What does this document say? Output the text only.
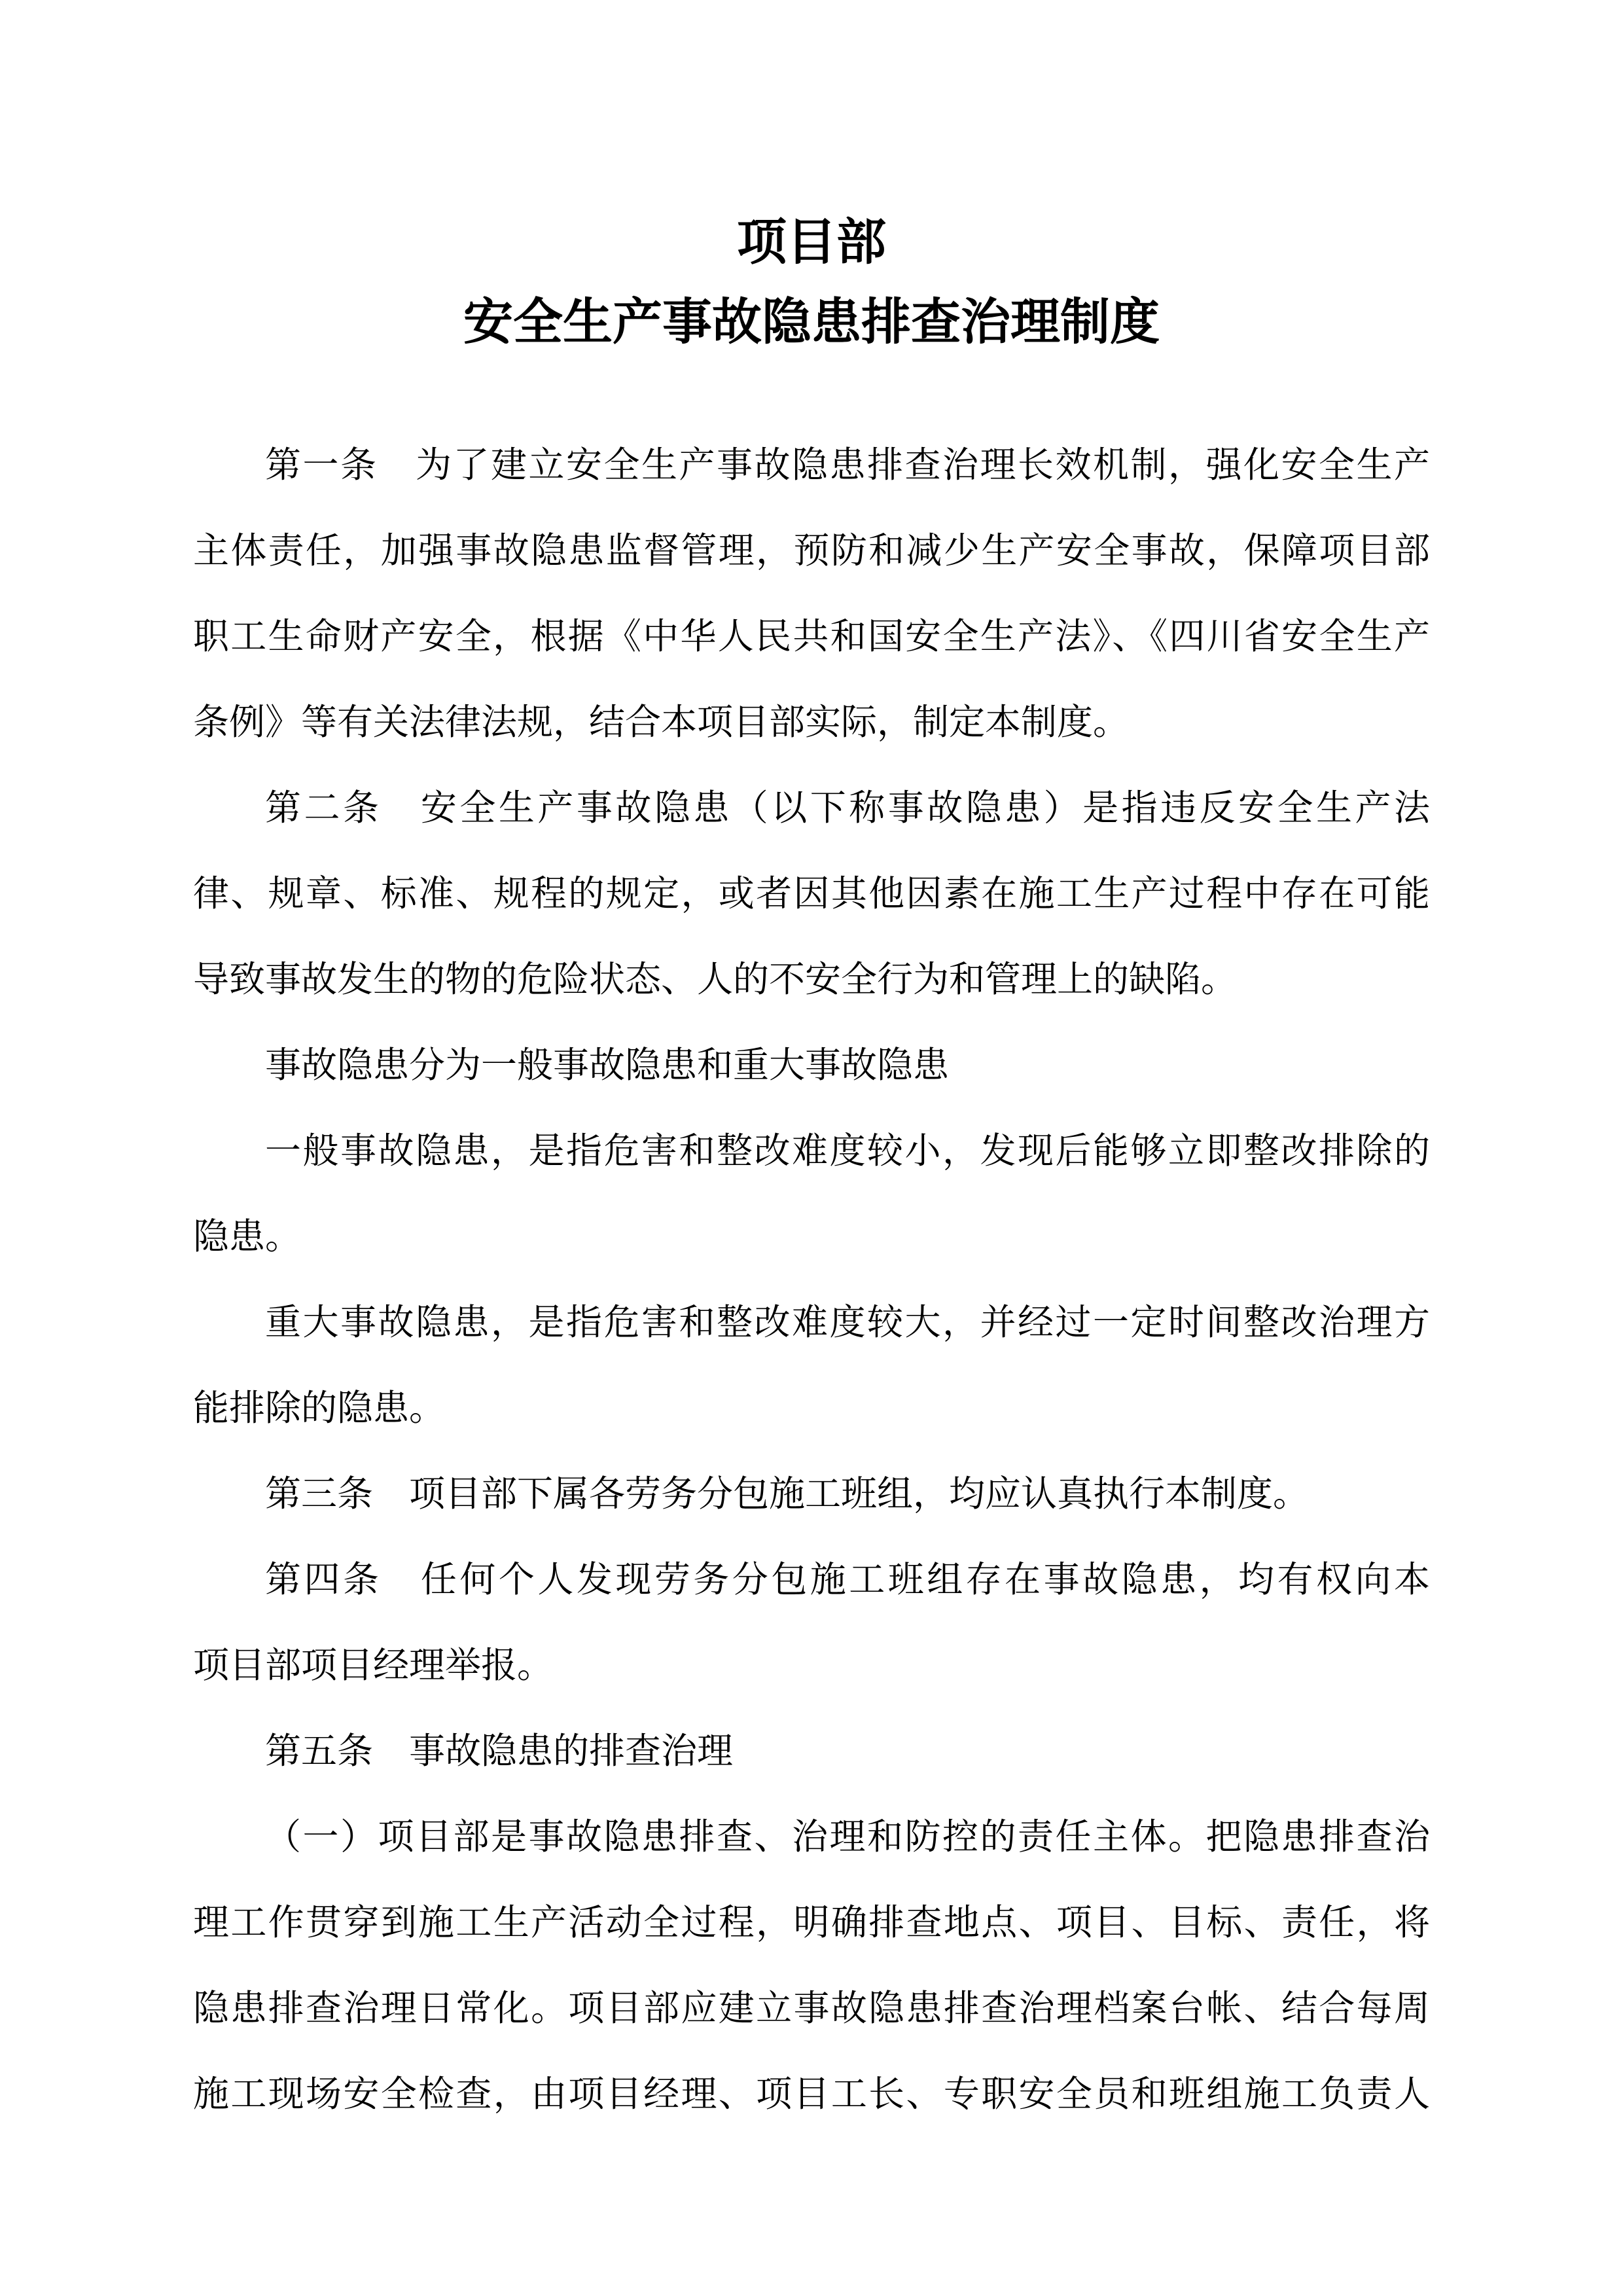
项目部
安全生产事故隐患排查治理制度
第一条　为了建立安全生产事故隐患排查治理长效机制，强化安全生产
主体责任，加强事故隐患监督管理，预防和减少生产安全事故，保障项目部
职工生命财产安全，根据《中华人民共和国安全生产法》、《四川省安全生产
条例》等有关法律法规，结合本项目部实际，制定本制度。
第二条　安全生产事故隐患（以下称事故隐患）是指违反安全生产法
律、规章、标准、规程的规定，或者因其他因素在施工生产过程中存在可能
导致事故发生的物的危险状态、人的不安全行为和管理上的缺陷。
事故隐患分为一般事故隐患和重大事故隐患
一般事故隐患，是指危害和整改难度较小，发现后能够立即整改排除的
隐患。
重大事故隐患，是指危害和整改难度较大，并经过一定时间整改治理方
能排除的隐患。
第三条　项目部下属各劳务分包施工班组，均应认真执行本制度。
第四条　任何个人发现劳务分包施工班组存在事故隐患，均有权向本
项目部项目经理举报。
第五条　事故隐患的排查治理
（一）项目部是事故隐患排查、治理和防控的责任主体。把隐患排查治
理工作贯穿到施工生产活动全过程，明确排查地点、项目、目标、责任，将
隐患排查治理日常化。项目部应建立事故隐患排查治理档案台帐、结合每周
施工现场安全检查，由项目经理、项目工长、专职安全员和班组施工负责人
